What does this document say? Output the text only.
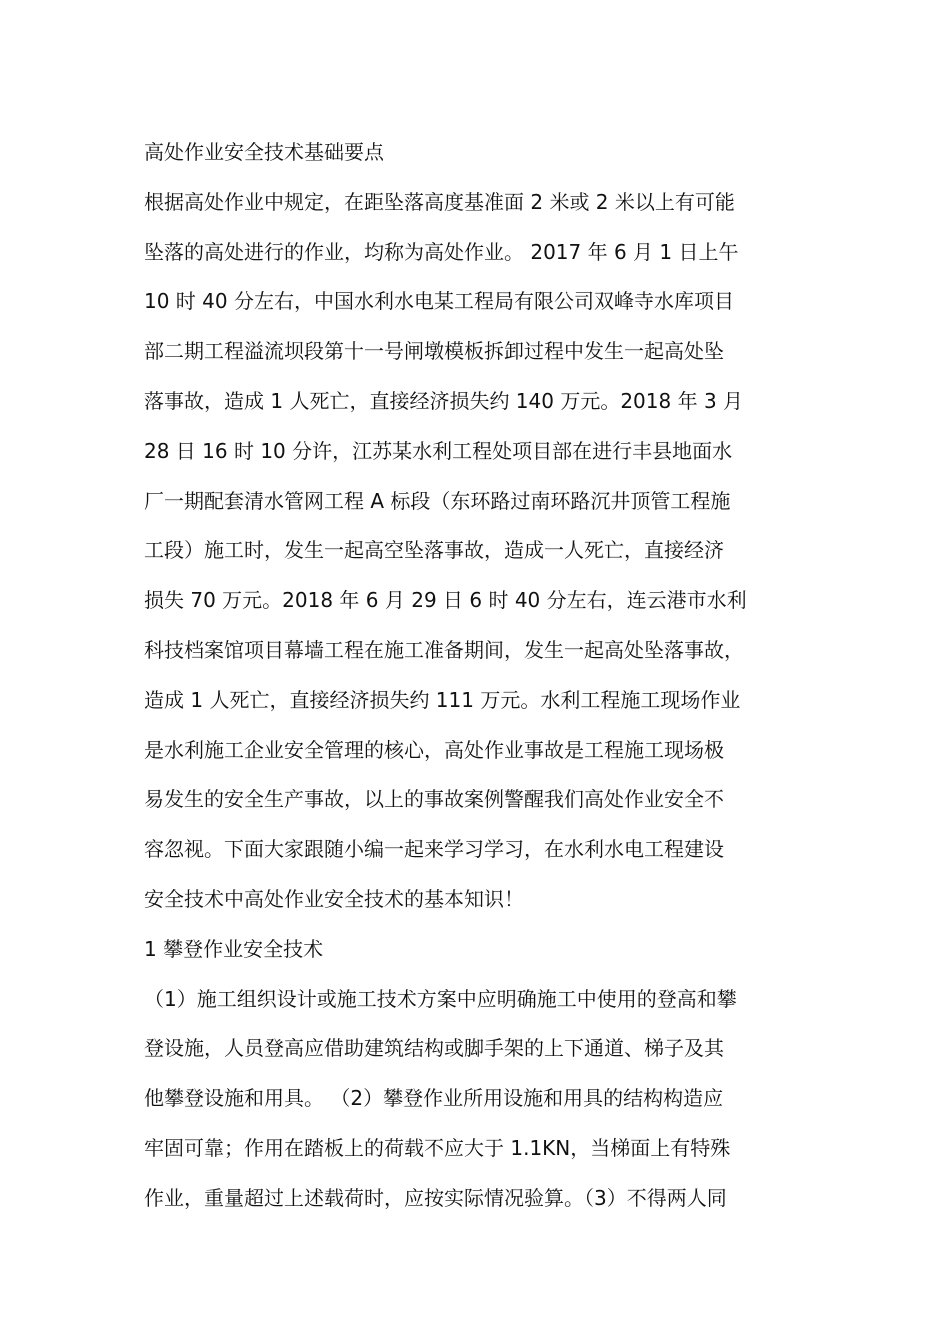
高处作业安全技术基础要点
根据高处作业中规定，在距坠落高度基准面 2 米或 2 米以上有可能
坠落的高处进行的作业，均称为高处作业。 2017 年 6 月 1 日上午
10 时 40 分左右，中国水利水电某工程局有限公司双峰寺水库项目
部二期工程溢流坝段第十一号闸墩模板拆卸过程中发生一起高处坠
落事故，造成 1 人死亡，直接经济损失约 140 万元。2018 年 3 月
28 日 16 时 10 分许，江苏某水利工程处项目部在进行丰县地面水
厂一期配套清水管网工程 A 标段（东环路过南环路沉井顶管工程施
工段）施工时，发生一起高空坠落事故，造成一人死亡，直接经济
损失 70 万元。2018 年 6 月 29 日 6 时 40 分左右，连云港市水利
科技档案馆项目幕墙工程在施工准备期间，发生一起高处坠落事故，
造成 1 人死亡，直接经济损失约 111 万元。水利工程施工现场作业
是水利施工企业安全管理的核心，高处作业事故是工程施工现场极
易发生的安全生产事故，以上的事故案例警醒我们高处作业安全不
容忽视。下面大家跟随小编一起来学习学习，在水利水电工程建设
安全技术中高处作业安全技术的基本知识！
1 攀登作业安全技术
（1）施工组织设计或施工技术方案中应明确施工中使用的登高和攀
登设施，人员登高应借助建筑结构或脚手架的上下通道、梯子及其
他攀登设施和用具。 （2）攀登作业所用设施和用具的结构构造应
牢固可靠；作用在踏板上的荷载不应大于 1.1KN，当梯面上有特殊
作业，重量超过上述载荷时，应按实际情况验算。（3）不得两人同
